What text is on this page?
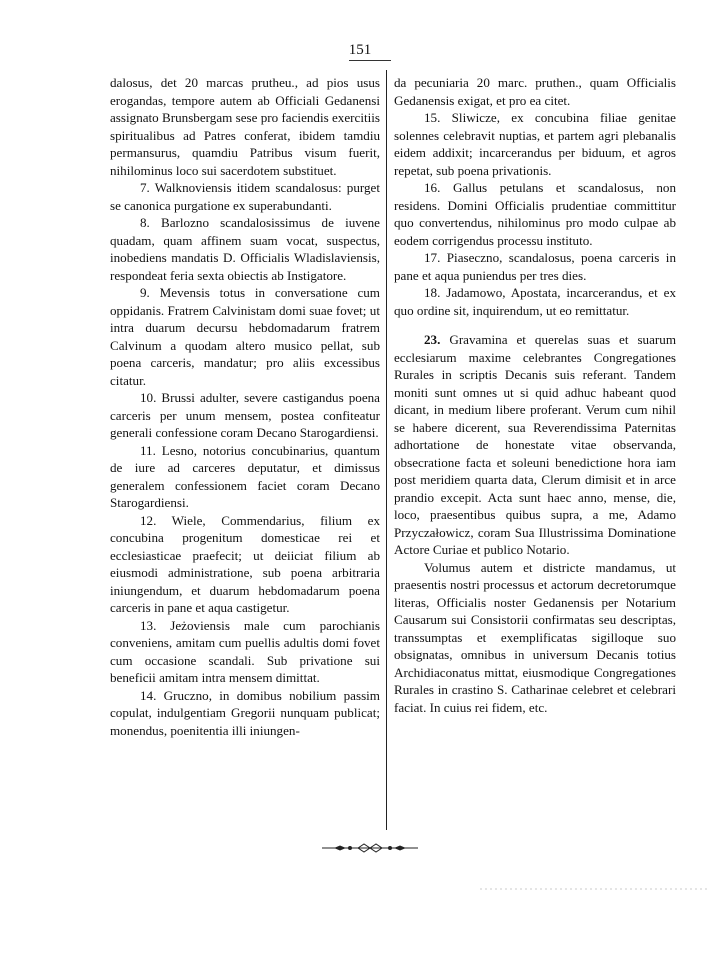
151

dalosus, det 20 marcas prutheu., ad pios usus erogandas, tempore autem ab Officiali Gedanensi assignato Brunsbergam sese pro faciendis exercitiis spiritualibus ad Patres conferat, ibidem tamdiu permansurus, quamdiu Patribus visum fuerit, nihilominus loco sui sacerdotem substituet.

7. Walknoviensis itidem scandalosus: purget se canonica purgatione ex superabundanti.

8. Barlozno scandalosissimus de iuvene quadam, quam affinem suam vocat, suspectus, inobediens mandatis D. Officialis Wladislaviensis, respondeat feria sexta obiectis ab Instigatore.

9. Mevensis totus in conversatione cum oppidanis. Fratrem Calvinistam domi suae fovet; ut intra duarum decursu hebdomadarum fratrem Calvinum a quodam altero musico pellat, sub poena carceris, mandatur; pro aliis excessibus citatur.

10. Brussi adulter, severe castigandus poena carceris per unum mensem, postea confiteatur generali confessione coram Decano Starogardiensi.

11. Lesno, notorius concubinarius, quantum de iure ad carceres deputatur, et dimissus generalem confessionem faciet coram Decano Starogardiensi.

12. Wiele, Commendarius, filium ex concubina progenitum domesticae rei et ecclesiasticae praefecit; ut deiiciat filium ab eiusmodi administratione, sub poena arbitraria iniungendum, et duarum hebdomadarum poena carceris in pane et aqua castigetur.

13. Jeżoviensis male cum parochianis conveniens, amitam cum puellis adultis domi fovet cum occasione scandali. Sub privatione sui beneficii amitam intra mensem dimittat.

14. Gruczno, in domibus nobilium passim copulat, indulgentiam Gregorii nunquam publicat; monendus, poenitentia illi iniungen-

da pecuniaria 20 marc. pruthen., quam Officialis Gedanensis exigat, et pro ea citet.

15. Sliwicze, ex concubina filiae genitae solennes celebravit nuptias, et partem agri plebanalis eidem addixit; incarcerandus per biduum, et agros repetat, sub poena privationis.

16. Gallus petulans et scandalosus, non residens. Domini Officialis prudentiae committitur quo convertendus, nihilominus pro modo culpae ab eodem corrigendus processu instituto.

17. Piaseczno, scandalosus, poena carceris in pane et aqua puniendus per tres dies.

18. Jadamowo, Apostata, incarcerandus, et ex quo ordine sit, inquirendum, ut eo remittatur.

23. Gravamina et querelas suas et suarum ecclesiarum maxime celebrantes Congregationes Rurales in scriptis Decanis suis referant. Tandem moniti sunt omnes ut si quid adhuc habeant quod dicant, in medium libere proferant. Verum cum nihil se habere dicerent, sua Reverendissima Paternitas adhortatione de honestate vitae observanda, obsecratione facta et soleuni benedictione hora iam post meridiem quarta data, Clerum dimisit et in arce prandio excepit. Acta sunt haec anno, mense, die, loco, praesentibus quibus supra, a me, Adamo Przyczałowicz, coram Sua Illustrissima Dominatione Actore Curiae et publico Notario.

Volumus autem et districte mandamus, ut praesentis nostri processus et actorum decretorumque literas, Officialis noster Gedanensis per Notarium Causarum sui Consistorii confirmatas seu descriptas, transsumptas et exemplificatas sigilloque suo obsignatas, omnibus in universum Decanis totius Archidiaconatus mittat, eiusmodique Congregationes Rurales in crastino S. Catharinae celebret et celebrari faciat. In cuius rei fidem, etc.
